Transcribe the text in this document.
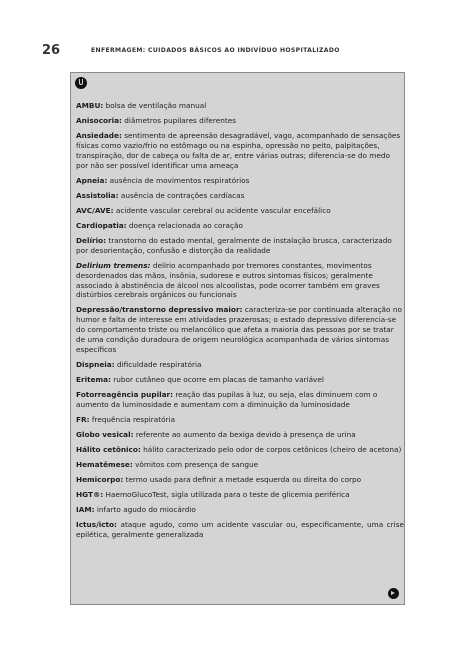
26	ENFERMAGEM: CUIDADOS BÁSICOS AO INDIVÍDUO HOSPITALIZADO

AMBU: bolsa de ventilação manual

Anisocoria: diâmetros pupilares diferentes

Ansiedade: sentimento de apreensão desagradável, vago, acompanhado de sensações físicas como vazio/frio no estômago ou na espinha, opressão no peito, palpitações, transpiração, dor de cabeça ou falta de ar, entre várias outras; diferencia-se do medo por não ser possível identificar uma ameaça

Apneia: ausência de movimentos respiratórios

Assistolia: ausência de contrações cardíacas

AVC/AVE: acidente vascular cerebral ou acidente vascular encefálico

Cardiopatia: doença relacionada ao coração

Delírio: transtorno do estado mental, geralmente de instalação brusca, caracterizado por desorientação, confusão e distorção da realidade

Delirium tremens: delírio acompanhado por tremores constantes, movimentos desordenados das mãos, insônia, sudorese e outros sintomas físicos; geralmente associado à abstinência de álcool nos alcoolistas, pode ocorrer também em graves distúrbios cerebrais orgânicos ou funcionais

Depressão/transtorno depressivo maior: caracteriza-se por continuada alteração no humor e falta de interesse em atividades prazerosas; o estado depressivo diferencia-se do comportamento triste ou melancólico que afeta a maioria das pessoas por se tratar de uma condição duradoura de origem neurológica acompanhada de vários sintomas específicos

Dispneia: dificuldade respiratória

Eritema: rubor cutâneo que ocorre em placas de tamanho variável

Fotorreagência pupilar: reação das pupilas à luz, ou seja, elas diminuem com o aumento da luminosidade e aumentam com a diminuição da luminosidade

FR: frequência respiratória

Globo vesical: referente ao aumento da bexiga devido à presença de urina

Hálito cetônico: hálito caracterizado pelo odor de corpos cetônicos (cheiro de acetona)

Hematêmese: vômitos com presença de sangue

Hemicorpo: termo usado para definir a metade esquerda ou direita do corpo

HGT®: HaemoGlucoTest, sigla utilizada para o teste de glicemia periférica

IAM: infarto agudo do miocárdio

Ictus/icto: ataque agudo, como um acidente vascular ou, especificamente, uma crise epilética, geralmente generalizada
